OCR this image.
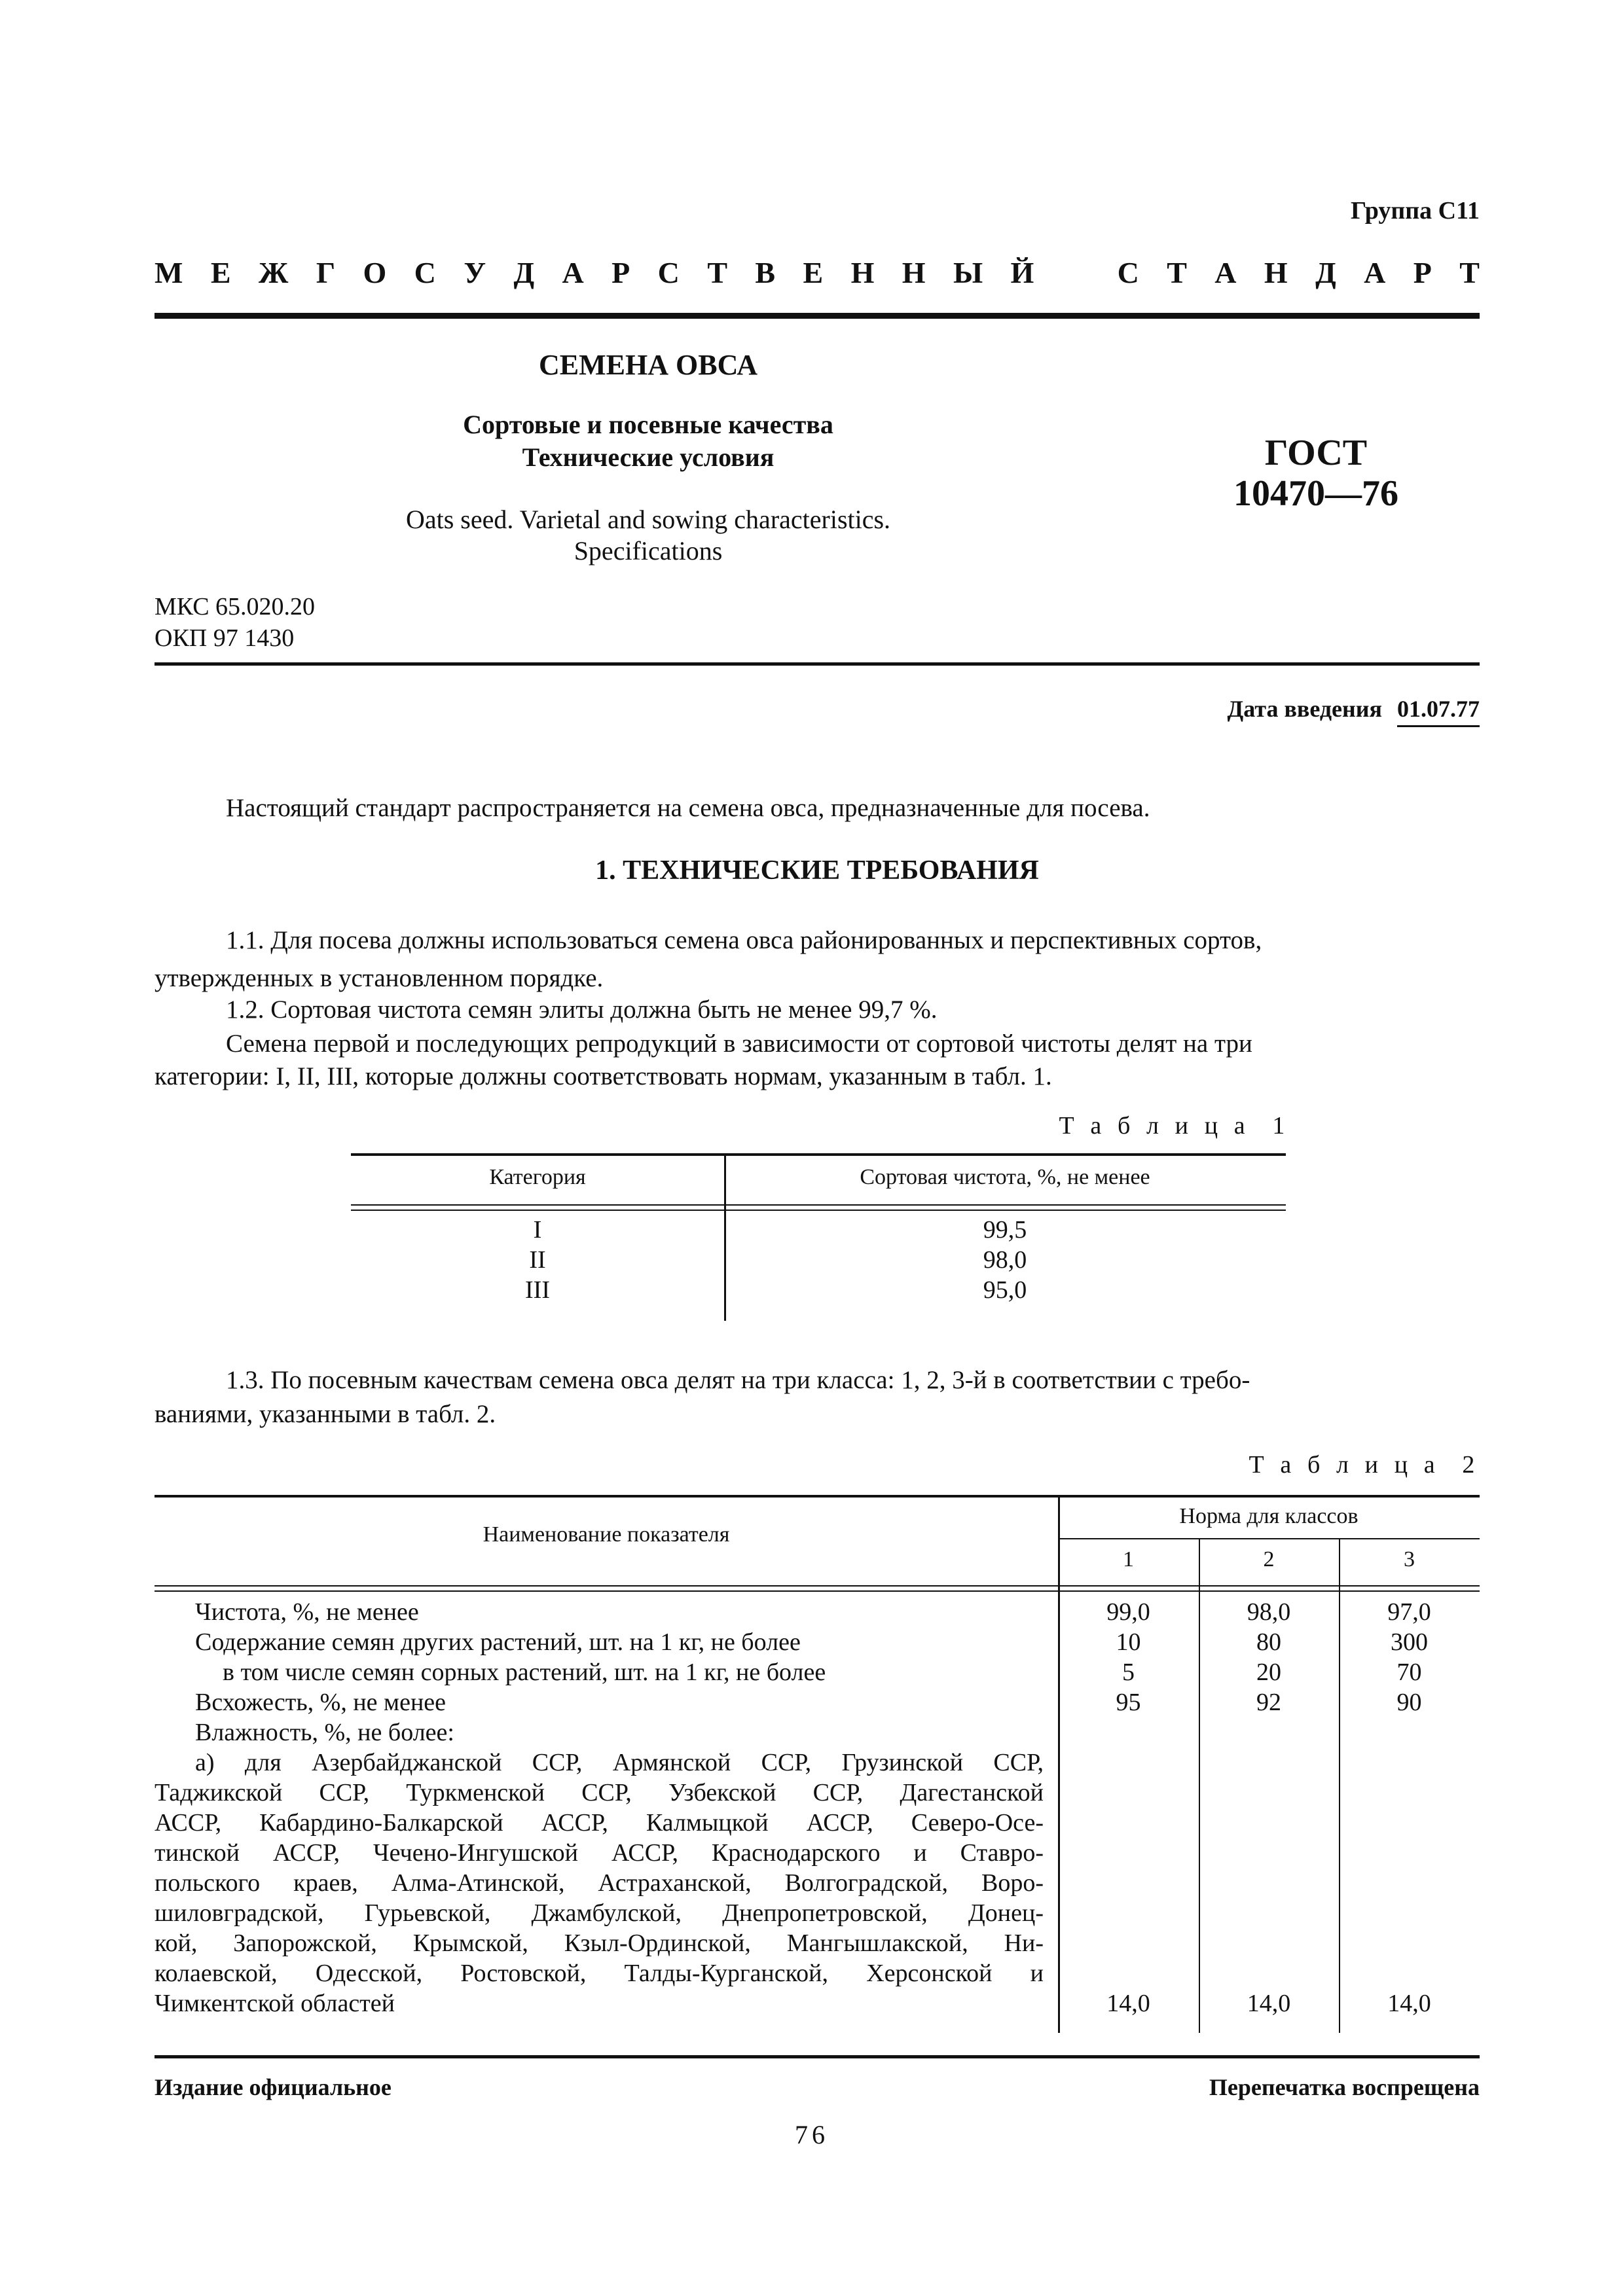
Группа С11
М Е Ж Г О С У Д А Р С Т В Е Н Н Ы Й   С Т А Н Д А Р Т
СЕМЕНА ОВСА
Сортовые и посевные качества
Технические условия
Oats seed. Varietal and sowing characteristics.
Specifications
ГОСТ
10470—76
МКС 65.020.20
ОКП 97 1430
Дата введения 01.07.77
Настоящий стандарт распространяется на семена овса, предназначенные для посева.
1. ТЕХНИЧЕСКИЕ ТРЕБОВАНИЯ
1.1. Для посева должны использоваться семена овса районированных и перспективных сортов,
утвержденных в установленном порядке.
1.2. Сортовая чистота семян элиты должна быть не менее 99,7 %.
Семена первой и последующих репродукций в зависимости от сортовой чистоты делят на три
категории: I, II, III, которые должны соответствовать нормам, указанным в табл. 1.
Т а б л и ц а  1
Категория	Сортовая чистота, %, не менее
I	99,5
II	98,0
III	95,0
1.3. По посевным качествам семена овса делят на три класса: 1, 2, 3-й в соответствии с требо-
ваниями, указанными в табл. 2.
Т а б л и ц а  2
Наименование показателя
Норма для классов
1	2	3
Чистота, %, не менее	99,0	98,0	97,0
Содержание семян других растений, шт. на 1 кг, не более	10	80	300
в том числе семян сорных растений, шт. на 1 кг, не более	5	20	70
Всхожесть, %, не менее	95	92	90
Влажность, %, не более:
а) для Азербайджанской ССР, Армянской ССР, Грузинской ССР,
Таджикской ССР, Туркменской ССР, Узбекской ССР, Дагестанской
АССР, Кабардино-Балкарской АССР, Калмыцкой АССР, Северо-Осе-
тинской АССР, Чечено-Ингушской АССР, Краснодарского и Ставро-
польского краев, Алма-Атинской, Астраханской, Волгоградской, Воро-
шиловградской, Гурьевской, Джамбулской, Днепропетровской, Донец-
кой, Запорожской, Крымской, Кзыл-Ординской, Мангышлакской, Ни-
колаевской, Одесской, Ростовской, Талды-Курганской, Херсонской и
Чимкентской областей	14,0	14,0	14,0
Издание официальное	Перепечатка воспрещена
76
